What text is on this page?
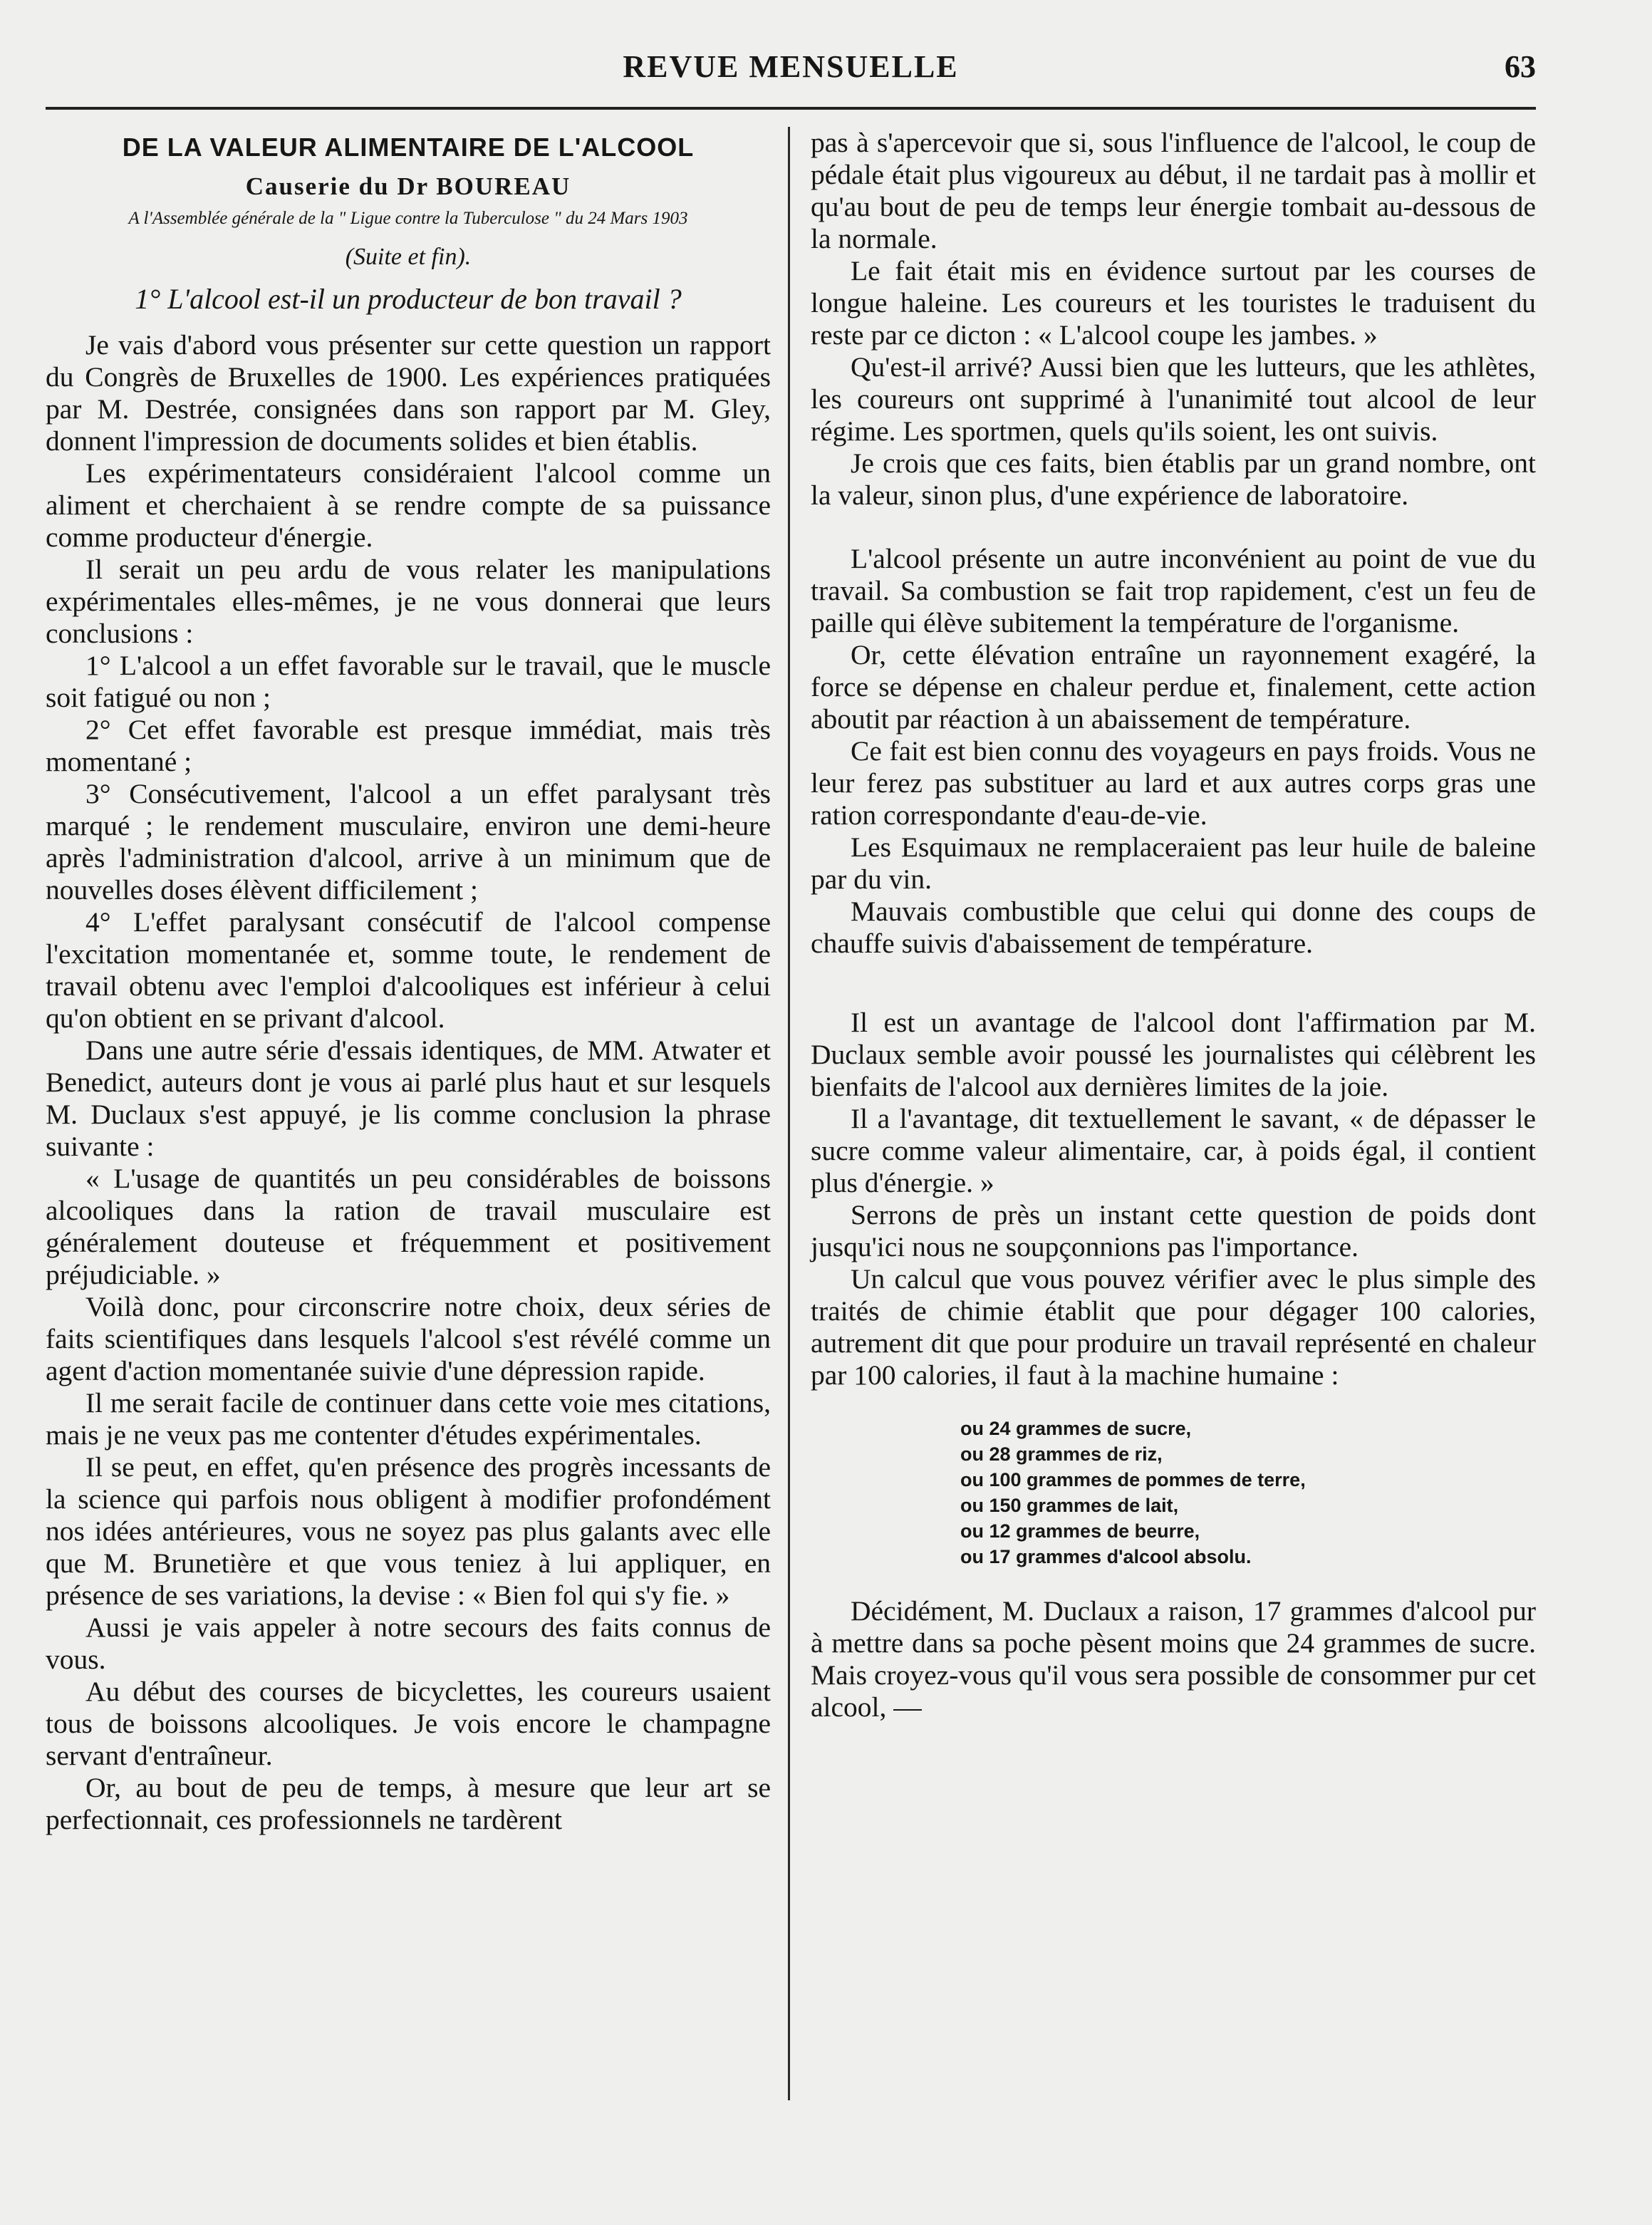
REVUE MENSUELLE	63
DE LA VALEUR ALIMENTAIRE DE L'ALCOOL
Causerie du Dr BOUREAU
A l'Assemblée générale de la " Ligue contre la Tuberculose " du 24 Mars 1903
(Suite et fin).
1° L'alcool est-il un producteur de bon travail ?

Je vais d'abord vous présenter sur cette question un rapport du Congrès de Bruxelles de 1900. Les expériences pratiquées par M. Destrée, consignées dans son rapport par M. Gley, donnent l'impression de documents solides et bien établis.

Les expérimentateurs considéraient l'alcool comme un aliment et cherchaient à se rendre compte de sa puissance comme producteur d'énergie.

Il serait un peu ardu de vous relater les manipulations expérimentales elles-mêmes, je ne vous donnerai que leurs conclusions :

1° L'alcool a un effet favorable sur le travail, que le muscle soit fatigué ou non ;

2° Cet effet favorable est presque immédiat, mais très momentané ;

3° Consécutivement, l'alcool a un effet paralysant très marqué ; le rendement musculaire, environ une demi-heure après l'administration d'alcool, arrive à un minimum que de nouvelles doses élèvent difficilement ;

4° L'effet paralysant consécutif de l'alcool compense l'excitation momentanée et, somme toute, le rendement de travail obtenu avec l'emploi d'alcooliques est inférieur à celui qu'on obtient en se privant d'alcool.

Dans une autre série d'essais identiques, de MM. Atwater et Benedict, auteurs dont je vous ai parlé plus haut et sur lesquels M. Duclaux s'est appuyé, je lis comme conclusion la phrase suivante :

« L'usage de quantités un peu considérables de boissons alcooliques dans la ration de travail musculaire est généralement douteuse et fréquemment et positivement préjudiciable. »

Voilà donc, pour circonscrire notre choix, deux séries de faits scientifiques dans lesquels l'alcool s'est révélé comme un agent d'action momentanée suivie d'une dépression rapide.

Il me serait facile de continuer dans cette voie mes citations, mais je ne veux pas me contenter d'études expérimentales.

Il se peut, en effet, qu'en présence des progrès incessants de la science qui parfois nous obligent à modifier profondément nos idées antérieures, vous ne soyez pas plus galants avec elle que M. Brunetière et que vous teniez à lui appliquer, en présence de ses variations, la devise : « Bien fol qui s'y fie. »

Aussi je vais appeler à notre secours des faits connus de vous.

Au début des courses de bicyclettes, les coureurs usaient tous de boissons alcooliques. Je vois encore le champagne servant d'entraîneur.

Or, au bout de peu de temps, à mesure que leur art se perfectionnait, ces professionnels ne tardèrent

pas à s'apercevoir que si, sous l'influence de l'alcool, le coup de pédale était plus vigoureux au début, il ne tardait pas à mollir et qu'au bout de peu de temps leur énergie tombait au-dessous de la normale.

Le fait était mis en évidence surtout par les courses de longue haleine. Les coureurs et les touristes le traduisent du reste par ce dicton : « L'alcool coupe les jambes. »

Qu'est-il arrivé? Aussi bien que les lutteurs, que les athlètes, les coureurs ont supprimé à l'unanimité tout alcool de leur régime. Les sportmen, quels qu'ils soient, les ont suivis.

Je crois que ces faits, bien établis par un grand nombre, ont la valeur, sinon plus, d'une expérience de laboratoire.

L'alcool présente un autre inconvénient au point de vue du travail. Sa combustion se fait trop rapidement, c'est un feu de paille qui élève subitement la température de l'organisme.

Or, cette élévation entraîne un rayonnement exagéré, la force se dépense en chaleur perdue et, finalement, cette action aboutit par réaction à un abaissement de température.

Ce fait est bien connu des voyageurs en pays froids. Vous ne leur ferez pas substituer au lard et aux autres corps gras une ration correspondante d'eau-de-vie.

Les Esquimaux ne remplaceraient pas leur huile de baleine par du vin.

Mauvais combustible que celui qui donne des coups de chauffe suivis d'abaissement de température.

Il est un avantage de l'alcool dont l'affirmation par M. Duclaux semble avoir poussé les journalistes qui célèbrent les bienfaits de l'alcool aux dernières limites de la joie.

Il a l'avantage, dit textuellement le savant, « de dépasser le sucre comme valeur alimentaire, car, à poids égal, il contient plus d'énergie. »

Serrons de près un instant cette question de poids dont jusqu'ici nous ne soupçonnions pas l'importance.

Un calcul que vous pouvez vérifier avec le plus simple des traités de chimie établit que pour dégager 100 calories, autrement dit que pour produire un travail représenté en chaleur par 100 calories, il faut à la machine humaine :

ou 24 grammes de sucre,
ou 28 grammes de riz,
ou 100 grammes de pommes de terre,
ou 150 grammes de lait,
ou 12 grammes de beurre,
ou 17 grammes d'alcool absolu.

Décidément, M. Duclaux a raison, 17 grammes d'alcool pur à mettre dans sa poche pèsent moins que 24 grammes de sucre. Mais croyez-vous qu'il vous sera possible de consommer pur cet alcool, —
